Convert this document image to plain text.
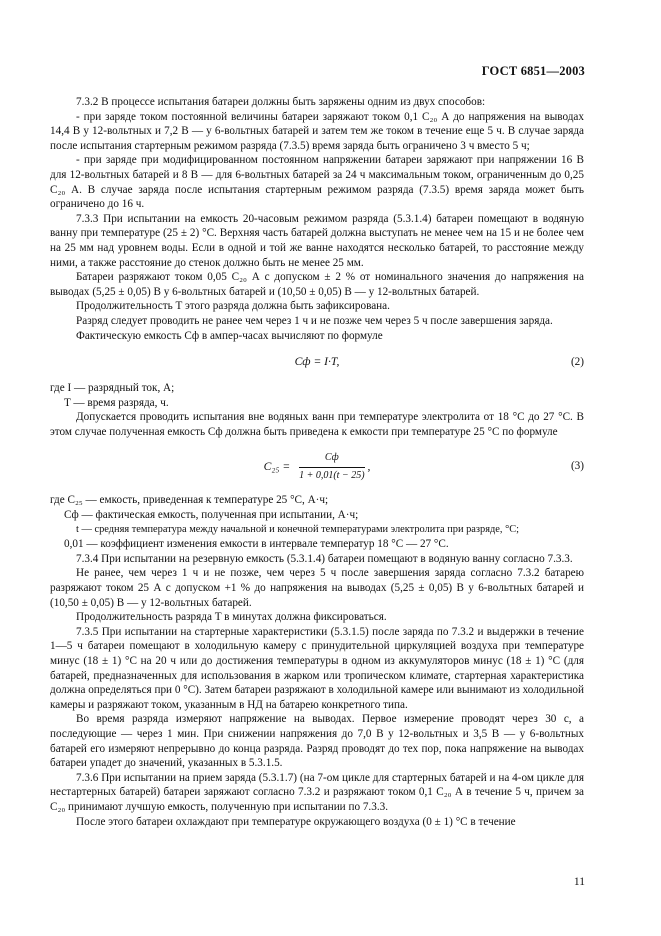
ГОСТ 6851—2003

7.3.2 В процессе испытания батареи должны быть заряжены одним из двух способов:

- при заряде током постоянной величины батареи заряжают током 0,1 C₂₀ А до напряжения на выводах 14,4 В у 12-вольтных и 7,2 В — у 6-вольтных батарей и затем тем же током в течение еще 5 ч. В случае заряда после испытания стартерным режимом разряда (7.3.5) время заряда быть ограничено 3 ч вместо 5 ч;

- при заряде при модифицированном постоянном напряжении батареи заряжают при напряжении 16 В для 12-вольтных батарей и 8 В — для 6-вольтных батарей за 24 ч максимальным током, ограниченным до 0,25 C₂₀ А. В случае заряда после испытания стартерным режимом разряда (7.3.5) время заряда может быть ограничено до 16 ч.

7.3.3 При испытании на емкость 20-часовым режимом разряда (5.3.1.4) батареи помещают в водяную ванну при температуре (25 ± 2) °С. Верхняя часть батарей должна выступать не менее чем на 15 и не более чем на 25 мм над уровнем воды. Если в одной и той же ванне находятся несколько батарей, то расстояние между ними, а также расстояние до стенок должно быть не менее 25 мм.

Батареи разряжают током 0,05 C₂₀ А с допуском ± 2 % от номинального значения до напряжения на выводах (5,25 ± 0,05) В у 6-вольтных батарей и (10,50 ± 0,05) В — у 12-вольтных батарей.

Продолжительность T этого разряда должна быть зафиксирована.

Разряд следует проводить не ранее чем через 1 ч и не позже чем через 5 ч после завершения заряда.

Фактическую емкость Cф в ампер-часах вычисляют по формуле

Cф = I·T,	(2)

где I — разрядный ток, А;

T — время разряда, ч.

Допускается проводить испытания вне водяных ванн при температуре электролита от 18 °С до 27 °С. В этом случае полученная емкость Cф должна быть приведена к емкости при температуре 25 °С по формуле

$C_{25} = \frac{Cф}{1 + 0,01(t - 25)}$ ,	(3)

где C₂₅ — емкость, приведенная к температуре 25 °С, А·ч;

Cф — фактическая емкость, полученная при испытании, А·ч;

t — средняя температура между начальной и конечной температурами электролита при разряде, °С;

0,01 — коэффициент изменения емкости в интервале температур 18 °С — 27 °С.

7.3.4 При испытании на резервную емкость (5.3.1.4) батареи помещают в водяную ванну согласно 7.3.3.

Не ранее, чем через 1 ч и не позже, чем через 5 ч после завершения заряда согласно 7.3.2 батарею разряжают током 25 А с допуском +1 % до напряжения на выводах (5,25 ± 0,05) В у 6-вольтных батарей и (10,50 ± 0,05) В — у 12-вольтных батарей.

Продолжительность разряда T в минутах должна фиксироваться.

7.3.5 При испытании на стартерные характеристики (5.3.1.5) после заряда по 7.3.2 и выдержки в течение 1—5 ч батареи помещают в холодильную камеру с принудительной циркуляцией воздуха при температуре минус (18 ± 1) °С на 20 ч или до достижения температуры в одном из аккумуляторов минус (18 ± 1) °С (для батарей, предназначенных для использования в жарком или тропическом климате, стартерная характеристика должна определяться при 0 °С). Затем батареи разряжают в холодильной камере или вынимают из холодильной камеры и разряжают током, указанным в НД на батарею конкретного типа.

Во время разряда измеряют напряжение на выводах. Первое измерение проводят через 30 с, а последующие — через 1 мин. При снижении напряжения до 7,0 В у 12-вольтных и 3,5 В — у 6-вольтных батарей его измеряют непрерывно до конца разряда. Разряд проводят до тех пор, пока напряжение на выводах батареи упадет до значений, указанных в 5.3.1.5.

7.3.6 При испытании на прием заряда (5.3.1.7) (на 7-ом цикле для стартерных батарей и на 4-ом цикле для нестартерных батарей) батареи заряжают согласно 7.3.2 и разряжают током 0,1 C₂₀ А в течение 5 ч, причем за C₂₀ принимают лучшую емкость, полученную при испытании по 7.3.3.

После этого батареи охлаждают при температуре окружающего воздуха (0 ± 1) °С в течение

11
